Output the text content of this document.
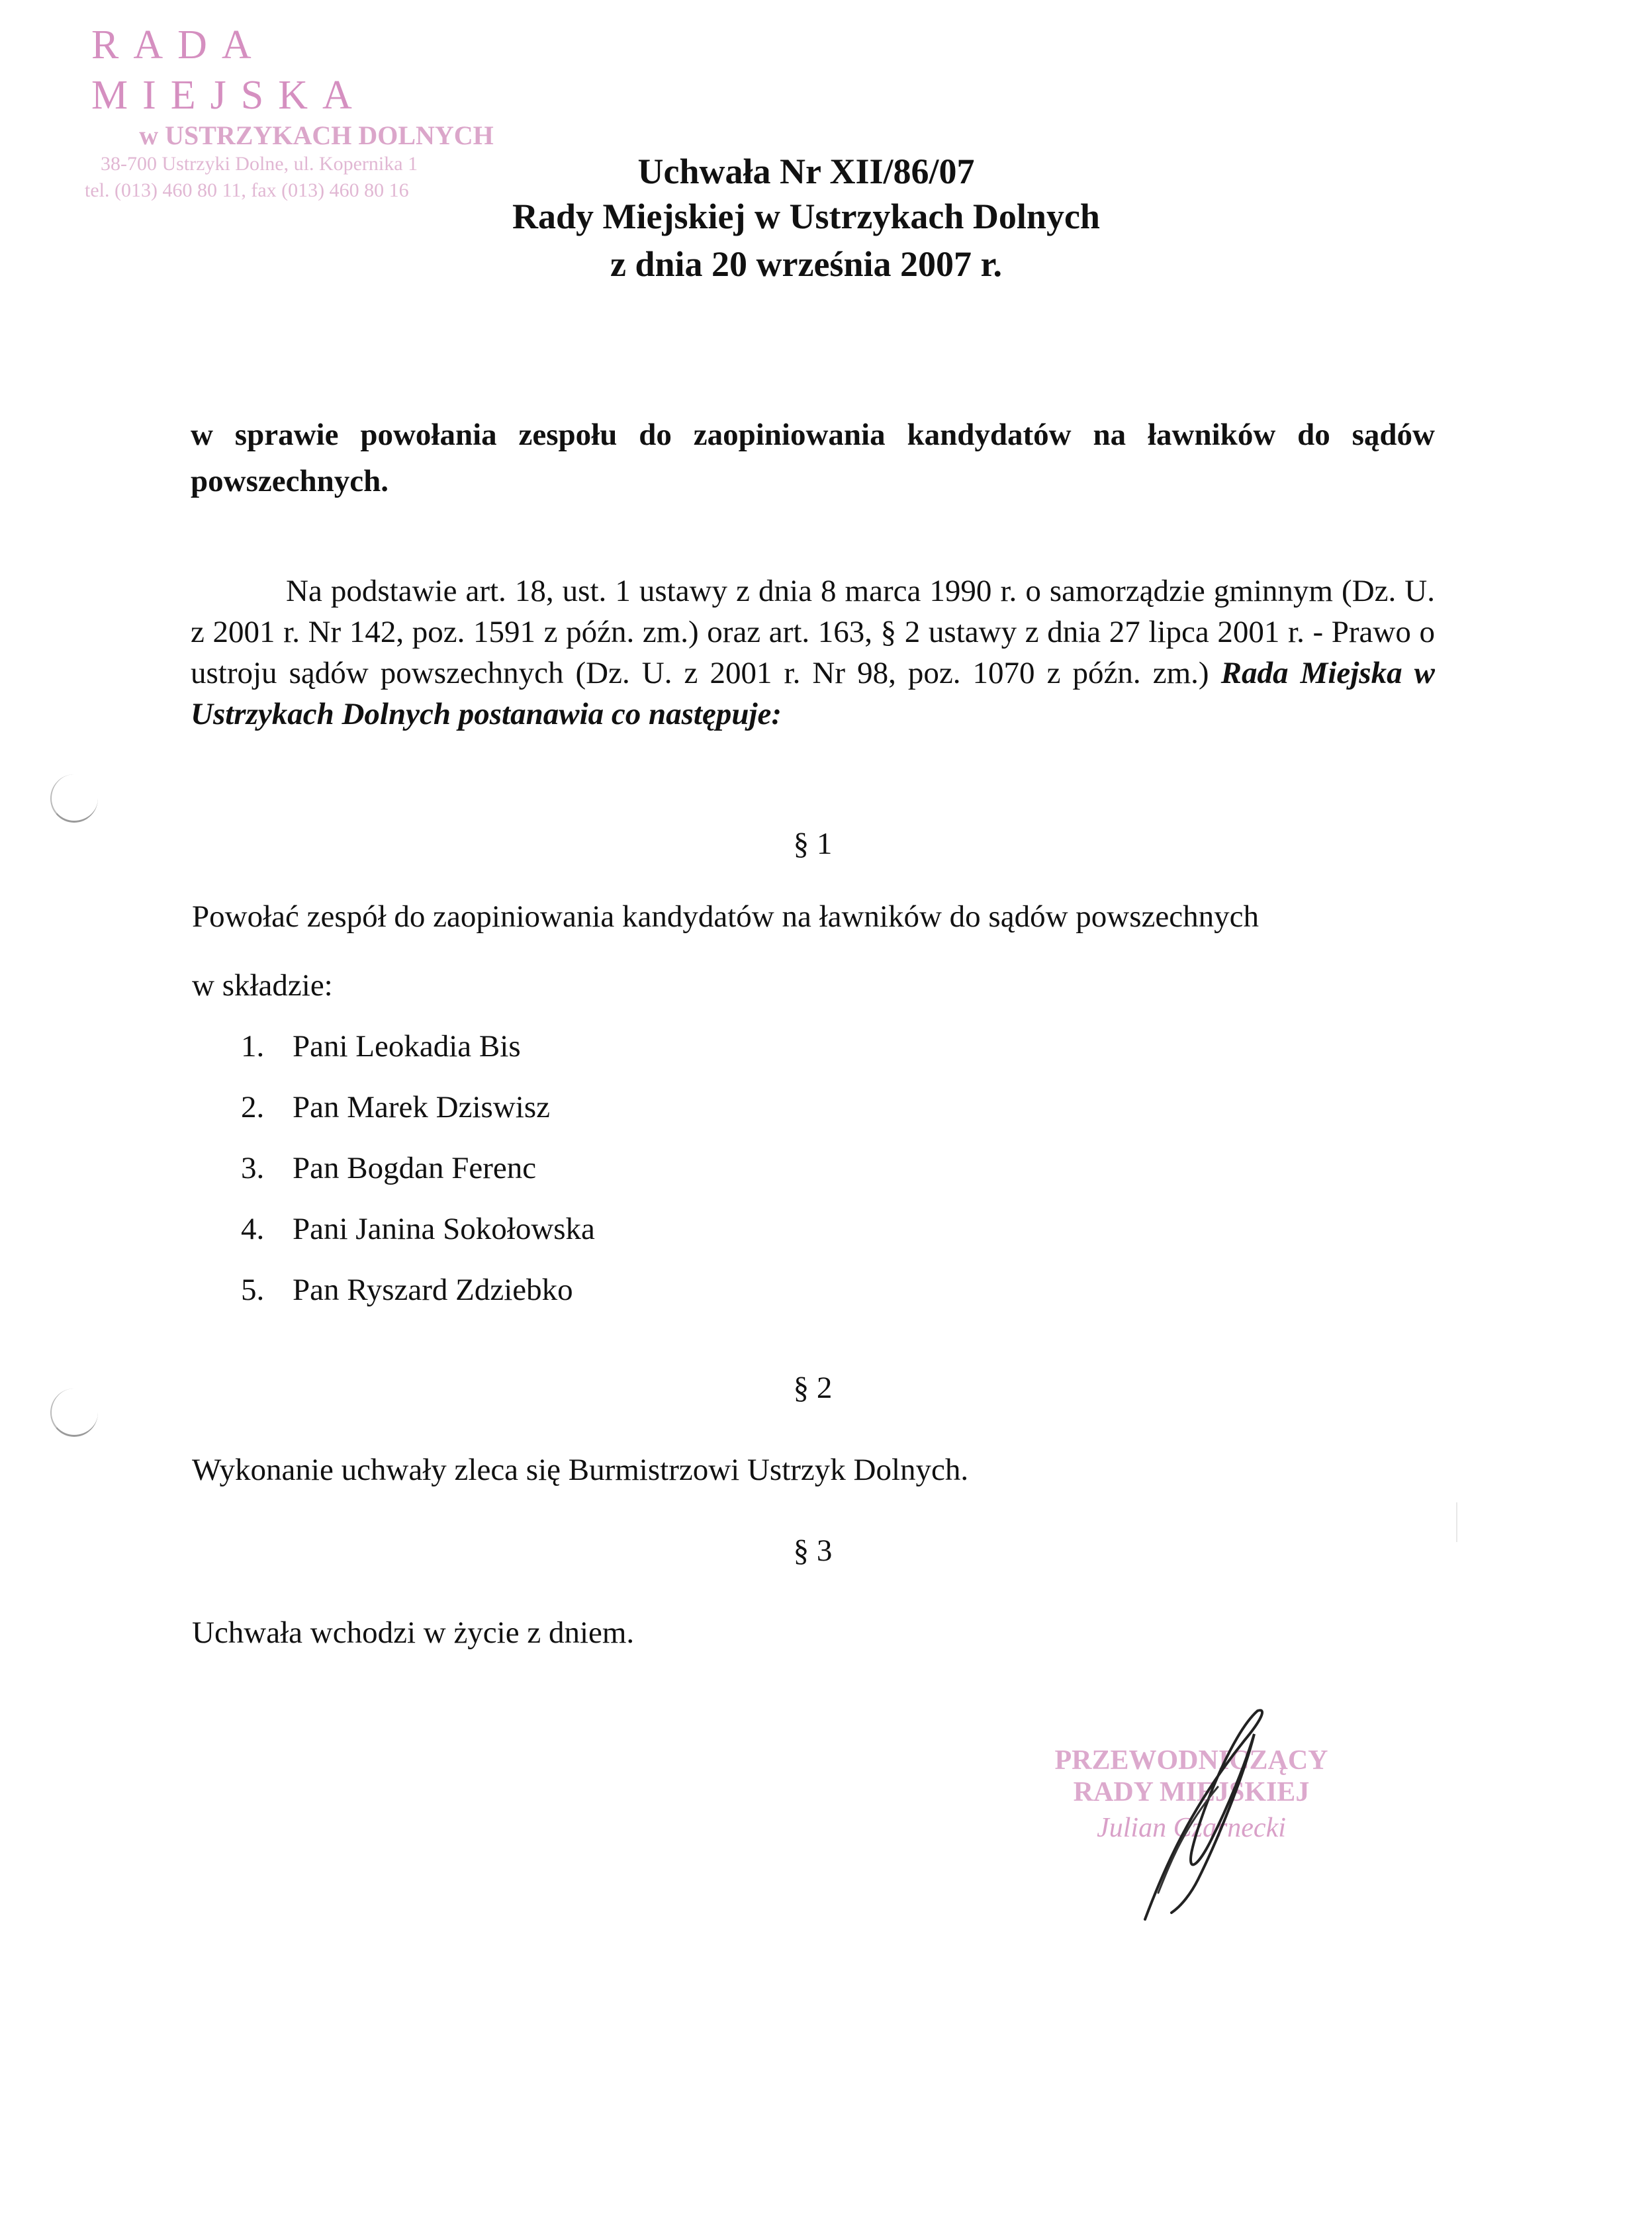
RADA MIEJSKA
w USTRZYKACH DOLNYCH
38-700 Ustrzyki Dolne, ul. Kopernika 1
tel. (013) 460 80 11, fax (013) 460 80 16	Uchwała Nr XII/86/07
Rady Miejskiej w Ustrzykach Dolnych
z dnia 20 września 2007 r.
w sprawie powołania zespołu do zaopiniowania kandydatów na ławników do sądów powszechnych.
Na podstawie art. 18, ust. 1 ustawy z dnia 8 marca 1990 r. o samorządzie gminnym (Dz. U. z 2001 r. Nr 142, poz. 1591 z późn. zm.) oraz art. 163, § 2 ustawy z dnia 27 lipca 2001 r. - Prawo o ustroju sądów powszechnych (Dz. U. z 2001 r. Nr 98, poz. 1070 z późn. zm.) Rada Miejska w Ustrzykach Dolnych postanawia co następuje:
§ 1
Powołać zespół do zaopiniowania kandydatów na ławników do sądów powszechnych
w składzie:
1. Pani Leokadia Bis
2. Pan Marek Dziswisz
3. Pan Bogdan Ferenc
4. Pani Janina Sokołowska
5. Pan Ryszard Zdziebko
§ 2
Wykonanie uchwały zleca się Burmistrzowi Ustrzyk Dolnych.
§ 3
Uchwała wchodzi w życie z dniem.
PRZEWODNICZĄCY
RADY MIEJSKIEJ
Julian Czarnecki
